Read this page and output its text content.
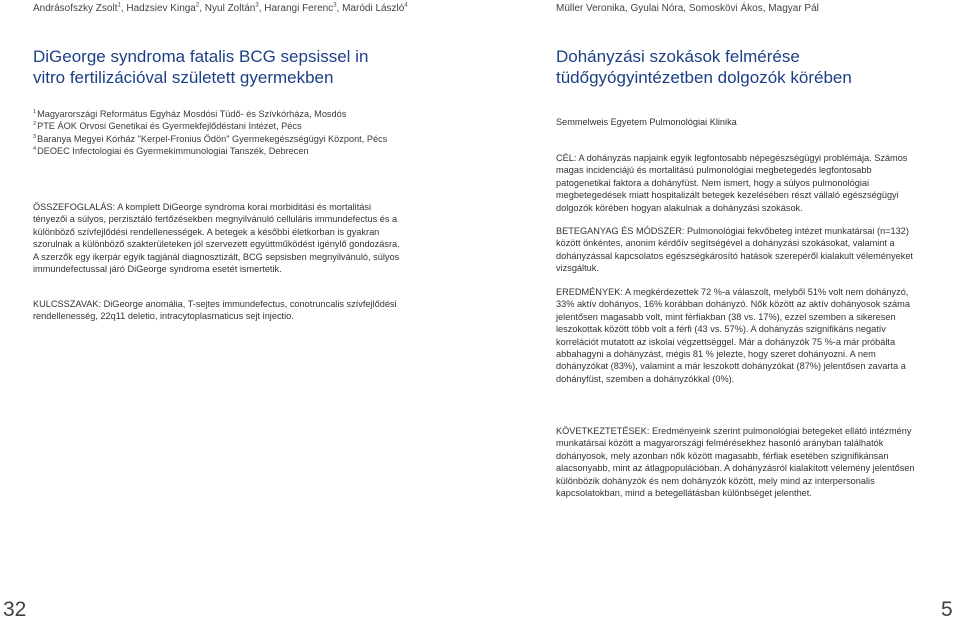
Andrásofszky Zsolt$^1$, Hadzsiev Kinga$^2$, Nyul Zoltán$^3$, Harangi Ferenc$^3$, Maródi László$^4$
DiGeorge syndroma fatalis BCG sepsissel in
vitro fertilizációval született gyermekben
$^1$Magyarországi Református Egyház Mosdósi Tüdő- és Szívkórháza, Mosdós
$^2$PTE ÁOK Orvosi Genetikai és Gyermekfejlődéstani Intézet, Pécs
$^3$Baranya Megyei Kórház "Kerpel-Fronius Ödön" Gyermekegészségügyi Központ, Pécs
$^4$DEOEC Infectologiai és Gyermekimmunologiai Tanszék, Debrecen
ÖSSZEFOGLALÁS: A komplett DiGeorge syndroma korai morbiditási és mortalitási tényezői a súlyos, perzisztáló fertőzésekben megnyilvánuló celluláris immundefectus és a különböző szívfejlődési rendellenességek. A betegek a későbbi életkorban is gyakran szorulnak a különböző szakterületeken jól szervezett együttműködést igénylő gondozásra. A szerzők egy ikerpár egyik tagjánál diagnosztizált, BCG sepsisben megnyilvánuló, súlyos immundefectussal járó DiGeorge syndroma esetét ismertetik.
KULCSSZAVAK: DiGeorge anomália, T-sejtes immundefectus, conotruncalis szívfejlődési rendellenesség, 22q11 deletio, intracytoplasmaticus sejt injectio.
32
Müller Veronika, Gyulai Nóra, Somoskövi Ákos, Magyar Pál
Dohányzási szokások felmérése
tüdőgyógyintézetben dolgozók körében
Semmelweis Egyetem Pulmonológiai Klinika
CÉL: A dohányzás napjaink egyik legfontosabb népegészségügyi problémája. Számos magas incidenciájú és mortalitású pulmonológiai megbetegedés legfontosabb patogenetikai faktora a dohányfüst. Nem ismert, hogy a súlyos pulmonológiai megbetegedések miatt hospitalizált betegek kezelésében részt vállaló egészségügyi dolgozók körében hogyan alakulnak a dohányzási szokások.
BETEGANYAG ÉS MÓDSZER: Pulmonológiai fekvőbeteg intézet munkatársai (n=132) között önkéntes, anonim kérdőív segítségével a dohányzási szokásokat, valamint a dohányzással kapcsolatos egészségkárosító hatások szerepéről kialakult véleményeket vizsgáltuk.
EREDMÉNYEK: A megkérdezettek 72 %-a válaszolt, melyből 51% volt nem dohányzó, 33% aktív dohányos, 16% korábban dohányzó. Nők között az aktív dohányosok száma jelentősen magasabb volt, mint férfiakban (38 vs. 17%), ezzel szemben a sikeresen leszokottak között több volt a férfi (43 vs. 57%). A dohányzás szignifikáns negatív korrelációt mutatott az iskolai végzettséggel. Már a dohányzók 75 %-a már próbálta abbahagyni a dohányzást, mégis 81 % jelezte, hogy szeret dohányozni. A nem dohányzókat (83%), valamint a már leszokott dohányzókat (87%) jelentősen zavarta a dohányfüst, szemben a dohányzókkal (0%).
KÖVETKEZTETÉSEK: Eredményeink szerint pulmonológiai betegeket ellátó intézmény munkatársai között a magyarországi felmérésekhez hasonló arányban találhatók dohányosok, mely azonban nők között magasabb, férfiak esetében szignifikánsan alacsonyabb, mint az átlagpopulációban. A dohányzásról kialakított vélemény jelentősen különbözik dohányzók és nem dohányzók között, mely mind az interpersonalis kapcsolatokban, mind a betegellátásban különbséget jelenthet.
5
